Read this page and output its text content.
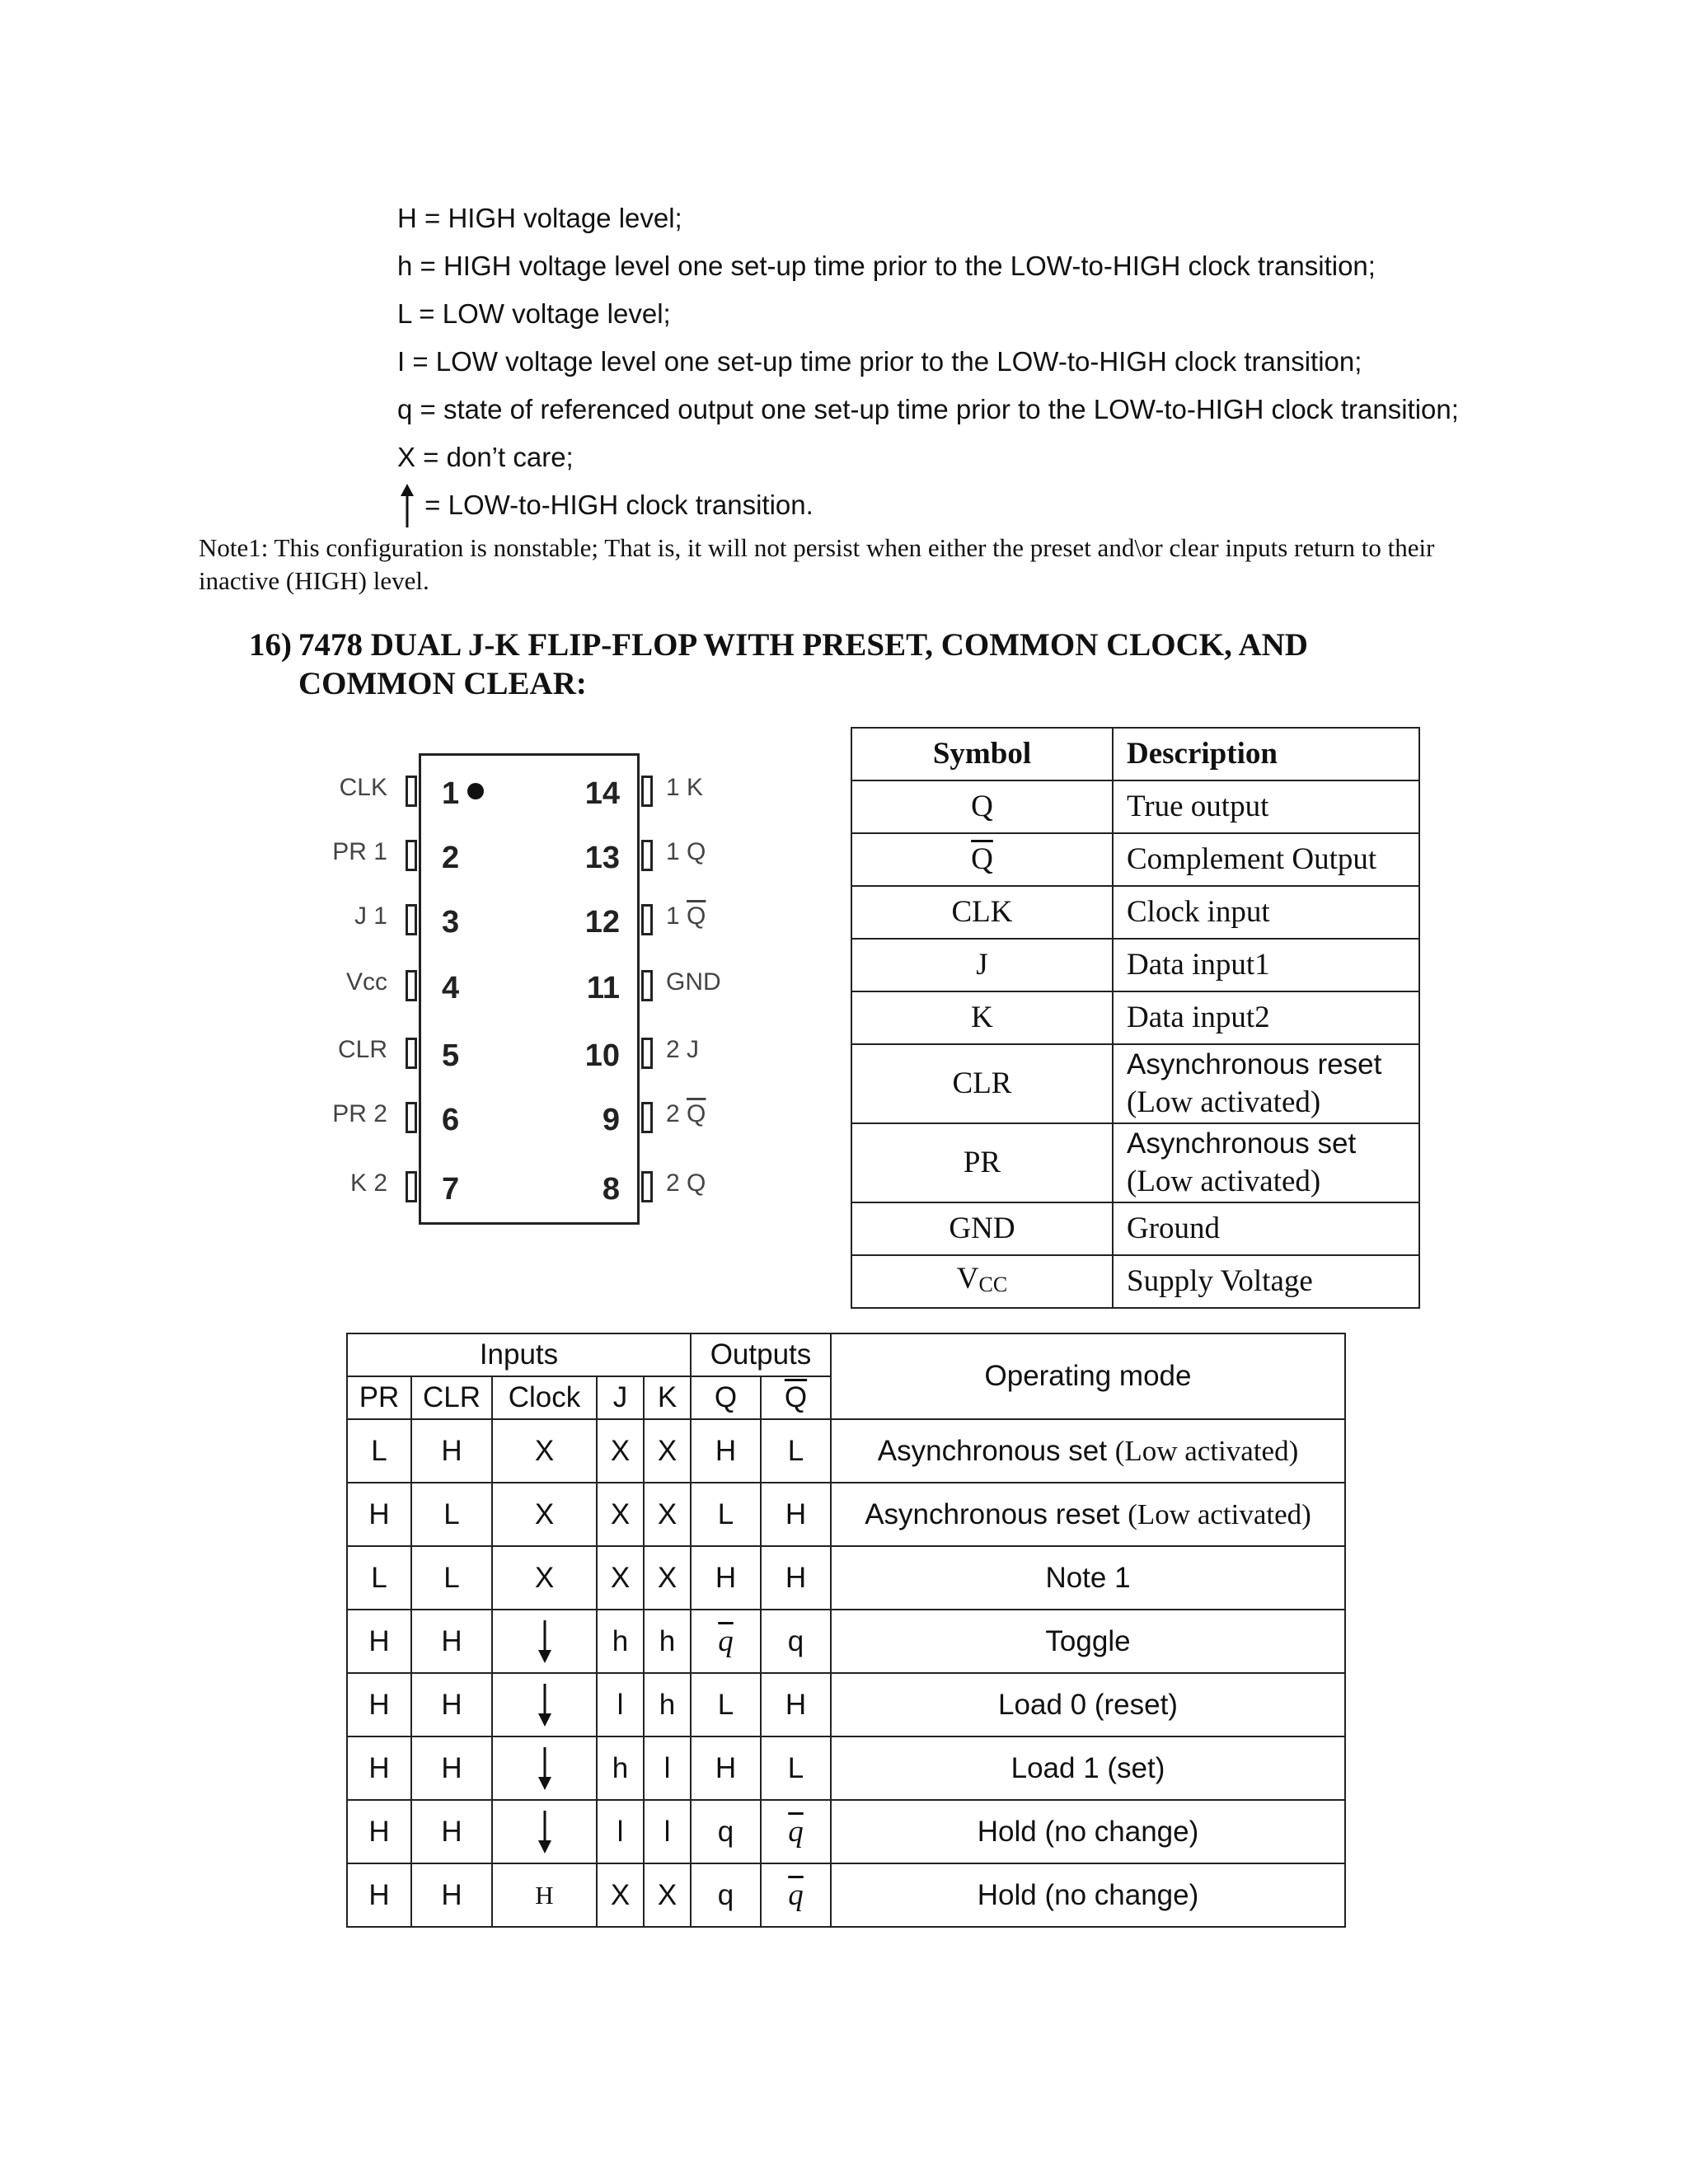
H = HIGH voltage level;
h = HIGH voltage level one set-up time prior to the LOW-to-HIGH clock transition;
L = LOW voltage level;
I = LOW voltage level one set-up time prior to the LOW-to-HIGH clock transition;
q = state of referenced output one set-up time prior to the LOW-to-HIGH clock transition;
X = don’t care;
= LOW-to-HIGH clock transition.
Note1: This configuration is nonstable; That is, it will not persist when either the preset and\or clear inputs return to their inactive (HIGH) level.
16) 7478 DUAL J-K FLIP-FLOP WITH PRESET, COMMON CLOCK, AND COMMON CLEAR:
CLK 1
PR 1 2
J 1 3
Vcc 4
CLR 5
PR 2 6
K 2 7
1 K
14
1 Q
13
1 $\overline{Q}$
12
GND
11
2 J
10
2 $\overline{Q}$
9
2 Q
8
Symbol	Description
Q	True output
$\overline{Q}$	Complement Output
CLK	Clock input
J	Data input1
K	Data input2
CLR	Asynchronous reset
(Low activated)

PR	Asynchronous set
(Low activated)

GND	Ground
$V_{CC}$	Supply Voltage
Inputs					Outputs		Operating mode
PR	CLR	Clock	J	K	Q	$\overline{Q}$
L	H	X	X	X	H	L	Asynchronous set (Low activated)
H	L	X	X	X	L	H	Asynchronous reset (Low activated)
L	L	X	X	X	H	H	Note 1
H	H		h	h	$\overline{q}$	q	Toggle
H	H		l	h	L	H	Load 0 (reset)
H	H		h	l	H	L	Load 1 (set)
H	H		l	l	q	$\overline{q}$	Hold (no change)
H	H	H	X	X	q	$\overline{q}$	Hold (no change)
